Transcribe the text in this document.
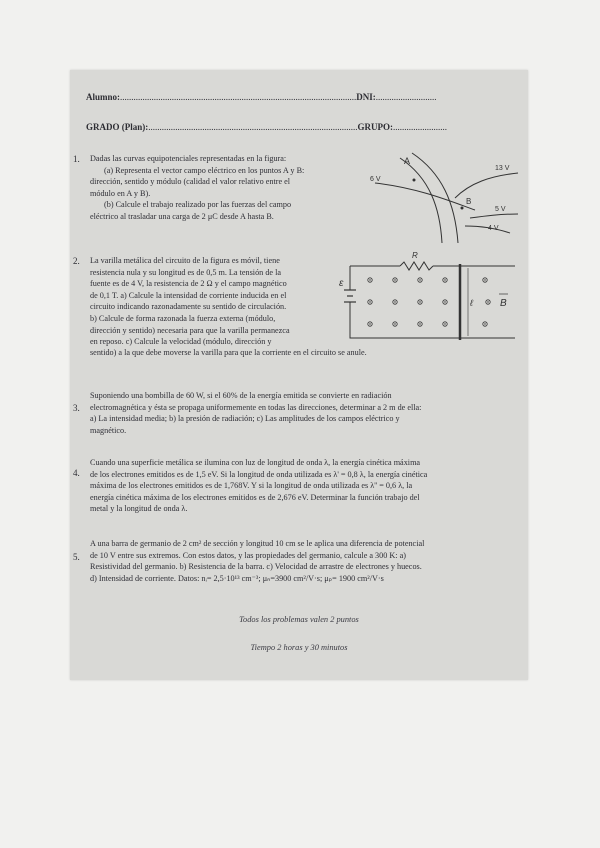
Alumno:.........................................................................................................DNI:...........................
GRADO (Plan):.............................................................................................GRUPO:........................
1. Dadas las curvas equipotenciales representadas en la figura:

(a) Representa el vector campo eléctrico en los puntos A y B:

dirección, sentido y módulo (calidad el valor relativo entre el

módulo en A y B).

(b) Calcule el trabajo realizado por las fuerzas del campo

eléctrico al trasladar una carga de 2 μC desde A hasta B.

A
B
6 V
13 V
5 V
4 V
2. La varilla metálica del circuito de la figura es móvil, tiene

resistencia nula y su longitud es de 0,5 m. La tensión de la

fuente es de 4 V, la resistencia de 2 Ω y el campo magnético

de 0,1 T. a) Calcule la intensidad de corriente inducida en el

circuito indicando razonadamente su sentido de circulación.

b) Calcule de forma razonada la fuerza externa (módulo,

dirección y sentido) necesaria para que la varilla permanezca

en reposo. c) Calcule la velocidad (módulo, dirección y

sentido) a la que debe moverse la varilla para que la corriente en el circuito se anule.
R
ε
ℓ	B
3.

Suponiendo una bombilla de 60 W, si el 60% de la energía emitida se convierte en radiación

electromagnética y ésta se propaga uniformemente en todas las direcciones, determinar a 2 m de ella:

a) La intensidad media; b) la presión de radiación; c) Las amplitudes de los campos eléctrico y

magnético.

4.

Cuando una superficie metálica se ilumina con luz de longitud de onda λ, la energía cinética máxima

de los electrones emitidos es de 1,5 eV. Si la longitud de onda utilizada es λ' = 0,8 λ, la energía cinética

máxima de los electrones emitidos es de 1,768V. Y si la longitud de onda utilizada es λ'' = 0,6 λ, la

energía cinética máxima de los electrones emitidos es de 2,676 eV. Determinar la función trabajo del

metal y la longitud de onda λ.

5.

A una barra de germanio de 2 cm² de sección y longitud 10 cm se le aplica una diferencia de potencial

de 10 V entre sus extremos. Con estos datos, y las propiedades del germanio, calcule a 300 K: a)

Resistividad del germanio. b) Resistencia de la barra. c) Velocidad de arrastre de electrones y huecos.

d) Intensidad de corriente. Datos: nᵢ= 2,5·10¹³ cm⁻³; μₙ=3900 cm²/V·s; μₚ= 1900 cm²/V·s

Todos los problemas valen 2 puntos
Tiempo 2 horas y 30 minutos
